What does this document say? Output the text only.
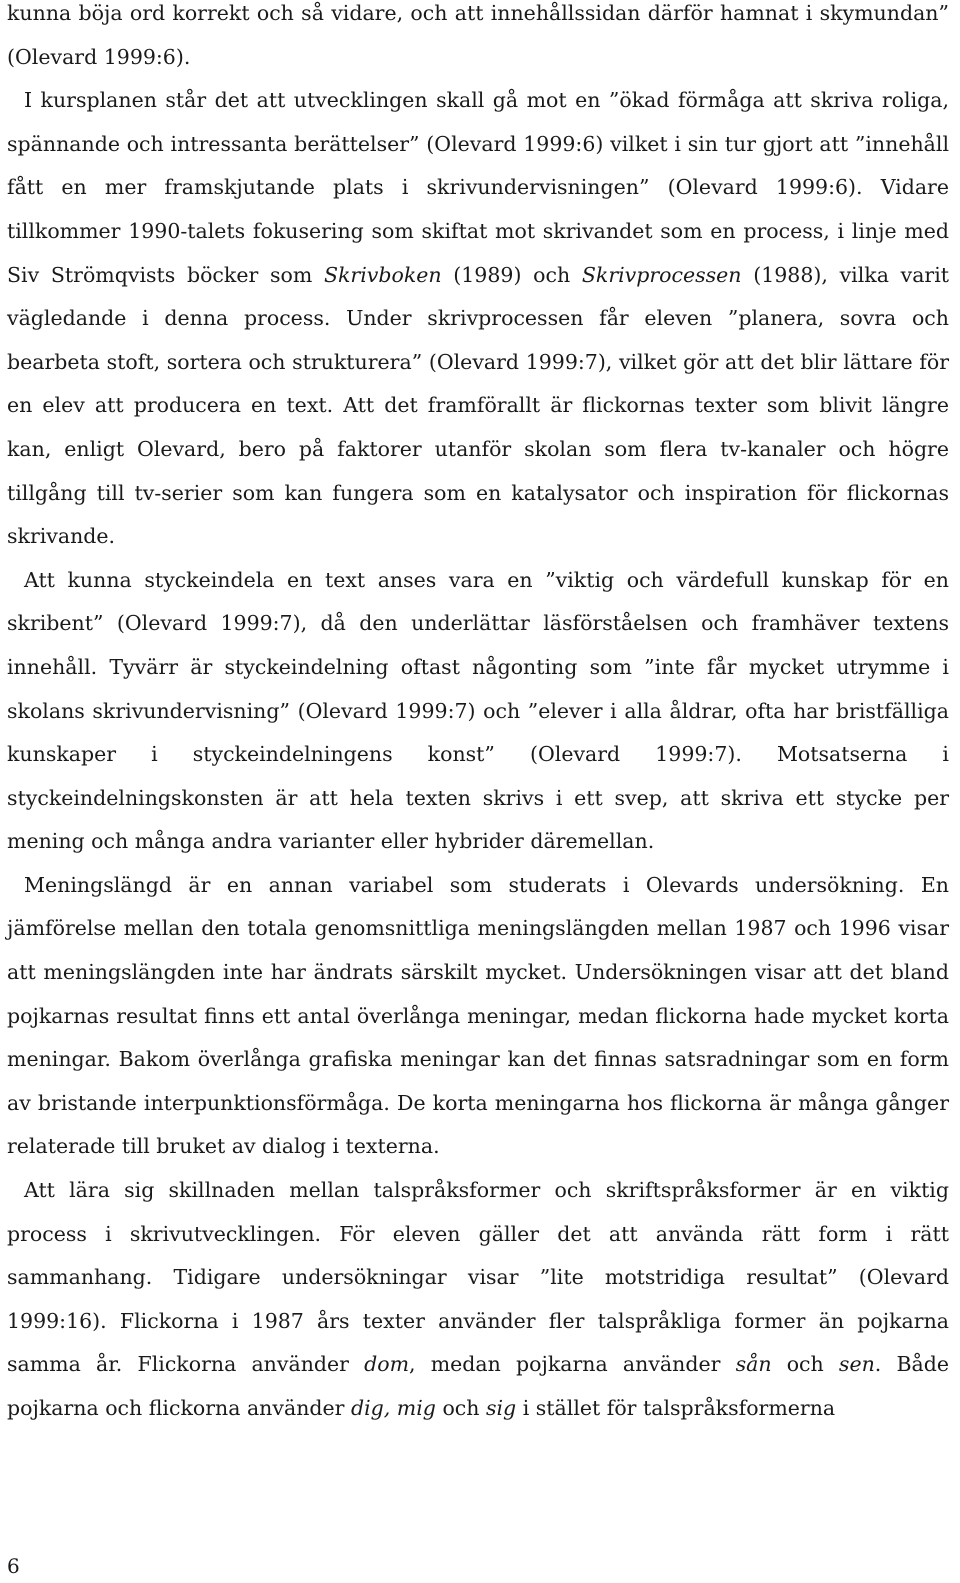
kunna böja ord korrekt och så vidare, och att innehållssidan därför hamnat i skymundan” (Olevard 1999:6).

I kursplanen står det att utvecklingen skall gå mot en ”ökad förmåga att skriva roliga, spännande och intressanta berättelser” (Olevard 1999:6) vilket i sin tur gjort att ”innehåll fått en mer framskjutande plats i skrivundervisningen” (Olevard 1999:6). Vidare tillkommer 1990-talets fokusering som skiftat mot skrivandet som en process, i linje med Siv Strömqvists böcker som Skrivboken (1989) och Skrivprocessen (1988), vilka varit vägledande i denna process. Under skrivprocessen får eleven ”planera, sovra och bearbeta stoft, sortera och strukturera” (Olevard 1999:7), vilket gör att det blir lättare för en elev att producera en text. Att det framförallt är flickornas texter som blivit längre kan, enligt Olevard, bero på faktorer utanför skolan som flera tv-kanaler och högre tillgång till tv-serier som kan fungera som en katalysator och inspiration för flickornas skrivande.

Att kunna styckeindela en text anses vara en ”viktig och värdefull kunskap för en skribent” (Olevard 1999:7), då den underlättar läsförståelsen och framhäver textens innehåll. Tyvärr är styckeindelning oftast någonting som ”inte får mycket utrymme i skolans skrivundervisning” (Olevard 1999:7) och ”elever i alla åldrar, ofta har bristfälliga kunskaper i styckeindelningens konst” (Olevard 1999:7). Motsatserna i styckeindelningskonsten är att hela texten skrivs i ett svep, att skriva ett stycke per mening och många andra varianter eller hybrider däremellan.

Meningslängd är en annan variabel som studerats i Olevards undersökning. En jämförelse mellan den totala genomsnittliga meningslängden mellan 1987 och 1996 visar att meningslängden inte har ändrats särskilt mycket. Undersökningen visar att det bland pojkarnas resultat finns ett antal överlånga meningar, medan flickorna hade mycket korta meningar. Bakom överlånga grafiska meningar kan det finnas satsradningar som en form av bristande interpunktionsförmåga. De korta meningarna hos flickorna är många gånger relaterade till bruket av dialog i texterna.

Att lära sig skillnaden mellan talspråksformer och skriftspråksformer är en viktig process i skrivutvecklingen. För eleven gäller det att använda rätt form i rätt sammanhang. Tidigare undersökningar visar ”lite motstridiga resultat” (Olevard 1999:16). Flickorna i 1987 års texter använder fler talspråkliga former än pojkarna samma år. Flickorna använder dom, medan pojkarna använder sån och sen. Både pojkarna och flickorna använder dig, mig och sig i stället för talspråksformerna

6
